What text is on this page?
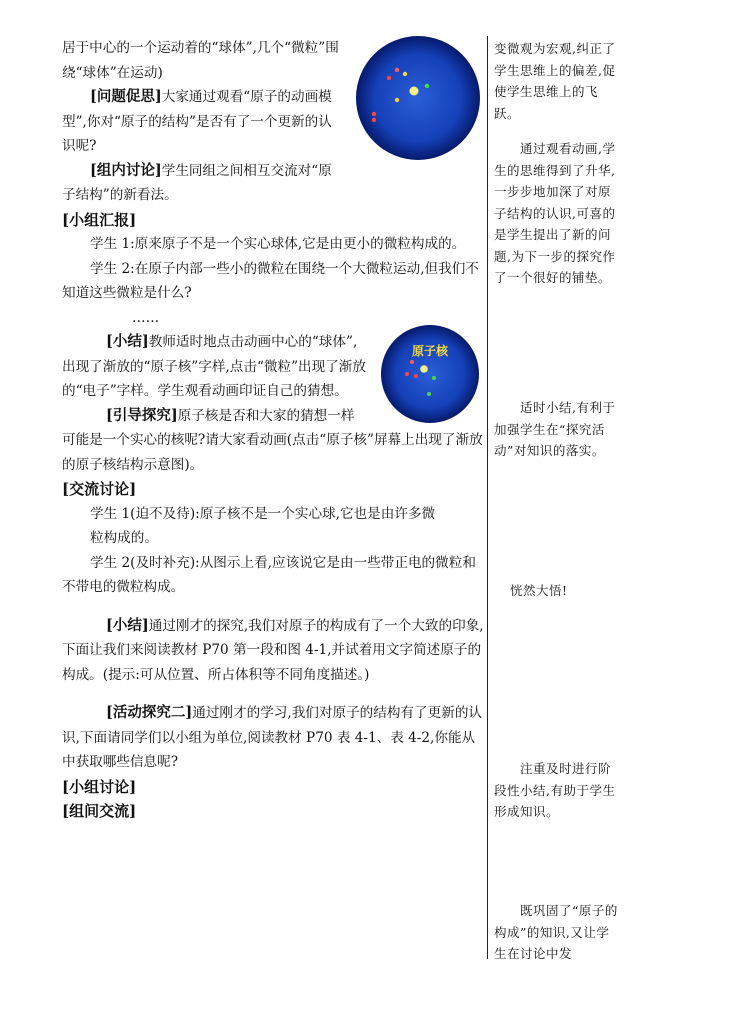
居于中心的一个运动着的“球体”,几个“微粒”围绕“球体”在运动)

[问题促思]大家通过观看“原子的动画模型”,你对“原子的结构”是否有了一个更新的认识呢?

[组内讨论]学生同组之间相互交流对“原子结构”的新看法。

[小组汇报]

学生 1:原来原子不是一个实心球体,它是由更小的微粒构成的。

学生 2:在原子内部一些小的微粒在围绕一个大微粒运动,但我们不知道这些微粒是什么?

……

原子核

[小结]教师适时地点击动画中心的“球体”,出现了渐放的“原子核”字样,点击“微粒”出现了渐放的“电子”字样。学生观看动画印证自己的猜想。

[引导探究]原子核是否和大家的猜想一样可能是一个实心的核呢?请大家看动画(点击“原子核”屏幕上出现了渐放的原子核结构示意图)。

[交流讨论]

学生 1(迫不及待):原子核不是一个实心球,它也是由许多微

粒构成的。

学生 2(及时补充):从图示上看,应该说它是由一些带正电的微粒和不带电的微粒构成。

[小结]通过刚才的探究,我们对原子的构成有了一个大致的印象,下面让我们来阅读教材 P70 第一段和图 4-1,并试着用文字简述原子的构成。(提示:可从位置、所占体积等不同角度描述。)

[活动探究二]通过刚才的学习,我们对原子的结构有了更新的认识,下面请同学们以小组为单位,阅读教材 P70 表 4-1、表 4-2,你能从中获取哪些信息呢?

[小组讨论]

[组间交流]

变微观为宏观,纠正了学生思维上的偏差,促使学生思维上的飞跃。

通过观看动画,学生的思维得到了升华,一步步地加深了对原子结构的认识,可喜的是学生提出了新的问题,为下一步的探究作了一个很好的铺垫。

适时小结,有利于加强学生在“探究活动”对知识的落实。

恍然大悟!

注重及时进行阶段性小结,有助于学生形成知识。

既巩固了“原子的构成”的知识,又让学生在讨论中发
